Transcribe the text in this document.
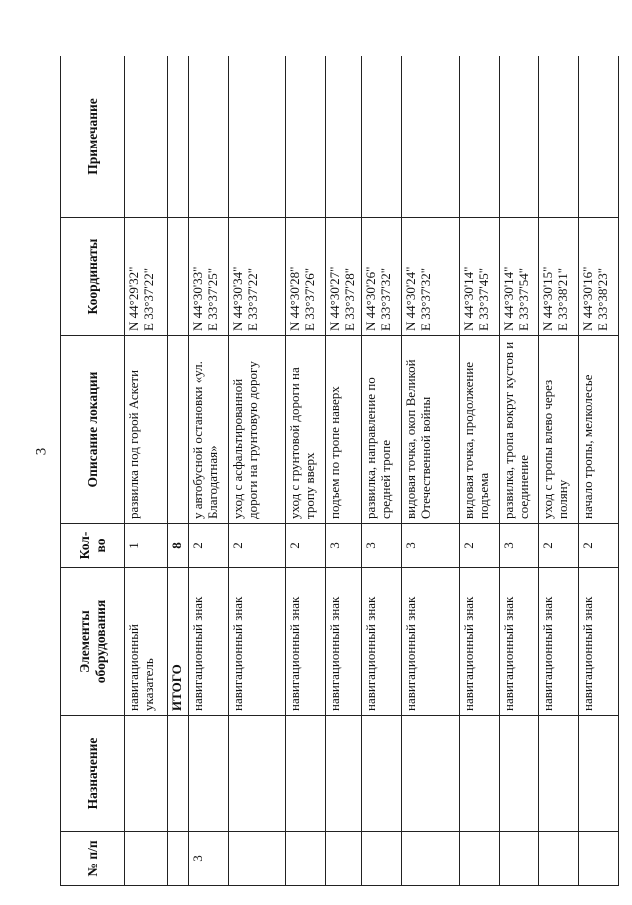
3
№ п/п	Назначение	Элементы оборудования	Кол-во	Описание локации	Координаты	Примечание
		навигационный указатель	1	развилка под горой Аскети	N 44°29'32" E 33°37'22"	

		ИТОГО	8		

3		навигационный знак	2	у автобусной остановки «ул. Благодатная»	N 44°30'33" E 33°37'25"	

		навигационный знак	2	уход с асфальтированной дороги на грунтовую дорогу	N 44°30'34" E 33°37'22"	

		навигационный знак	2	уход с грунтовой дороги на тропу вверх	N 44°30'28" E 33°37'26"	

		навигационный знак	3	подъем по тропе наверх	N 44°30'27" E 33°37'28"	

		навигационный знак	3	развилка, направление по средней тропе	N 44°30'26" E 33°37'32"	

		навигационный знак	3	видовая точка, окоп Великой Отечественной войны	N 44°30'24" E 33°37'32"	

		навигационный знак	2	видовая точка, продолжение подъема	N 44°30'14" E 33°37'45"	

		навигационный знак	3	развилка, тропа вокруг кустов и соединение	N 44°30'14" E 33°37'54"	

		навигационный знак	2	уход с тропы влево через поляну	N 44°30'15" E 33°38'21"	

		навигационный знак	2	начало тропы, мелколесье	N 44°30'16" E 33°38'23"	
